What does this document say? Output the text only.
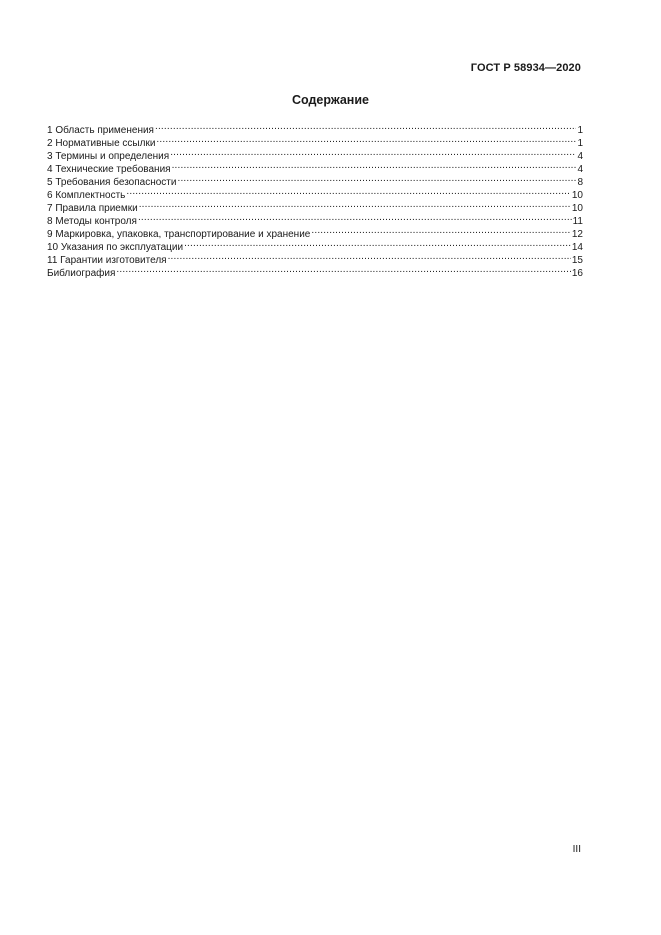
ГОСТ Р 58934—2020
Содержание
1 Область применения .....	1
2 Нормативные ссылки .....	1
3 Термины и определения .....	4
4 Технические требования .....	4
5 Требования безопасности .....	8
6 Комплектность .....	10
7 Правила приемки .....	10
8 Методы контроля .....	11
9 Маркировка, упаковка, транспортирование и хранение .....	12
10 Указания по эксплуатации .....	14
11 Гарантии изготовителя .....	15
Библиография .....	16
III
